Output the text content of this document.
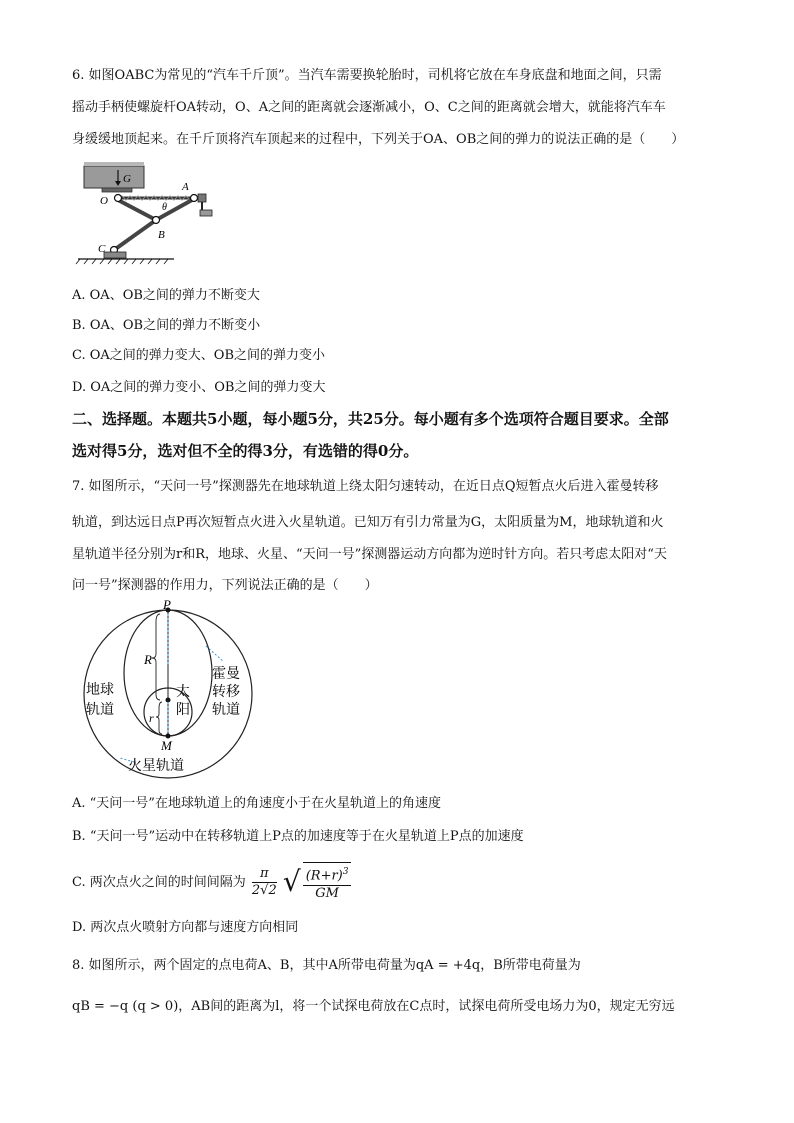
6. 如图OABC为常见的“汽车千斤顶”。当汽车需要换轮胎时，司机将它放在车身底盘和地面之间，只需
摇动手柄使螺旋杆OA转动，O、A之间的距离就会逐渐减小，O、C之间的距离就会增大，就能将汽车车
身缓缓地顶起来。在千斤顶将汽车顶起来的过程中，下列关于OA、OB之间的弹力的说法正确的是（　　）
G
A
O
θ
B
C
A. OA、OB之间的弹力不断变大
B. OA、OB之间的弹力不断变小
C. OA之间的弹力变大、OB之间的弹力变小
D. OA之间的弹力变小、OB之间的弹力变大
二、选择题。本题共5小题，每小题5分，共25分。每小题有多个选项符合题目要求。全部
选对得5分，选对但不全的得3分，有选错的得0分。
7. 如图所示，“天问一号”探测器先在地球轨道上绕太阳匀速转动，在近日点Q短暂点火后进入霍曼转移
轨道，到达远日点P再次短暂点火进入火星轨道。已知万有引力常量为G，太阳质量为M，地球轨道和火
星轨道半径分别为r和R，地球、火星、“天问一号”探测器运动方向都为逆时针方向。若只考虑太阳对“天
问一号”探测器的作用力，下列说法正确的是（　　）
P
R
r
M
地球
轨道
太
阳
霍曼
转移
轨道
火星轨道
A. “天问一号”在地球轨道上的角速度小于在火星轨道上的角速度
B. “天问一号”运动中在转移轨道上P点的加速度等于在火星轨道上P点的加速度
C. 两次点火之间的时间间隔为 $\frac{\pi}{2√2}$ √ $\frac{(R+r)^3}{GM}$
D. 两次点火喷射方向都与速度方向相同
8. 如图所示，两个固定的点电荷A、B，其中A所带电荷量为qA = +4q，B所带电荷量为
qB = −q (q > 0)，AB间的距离为l，将一个试探电荷放在C点时，试探电荷所受电场力为0，规定无穷远
